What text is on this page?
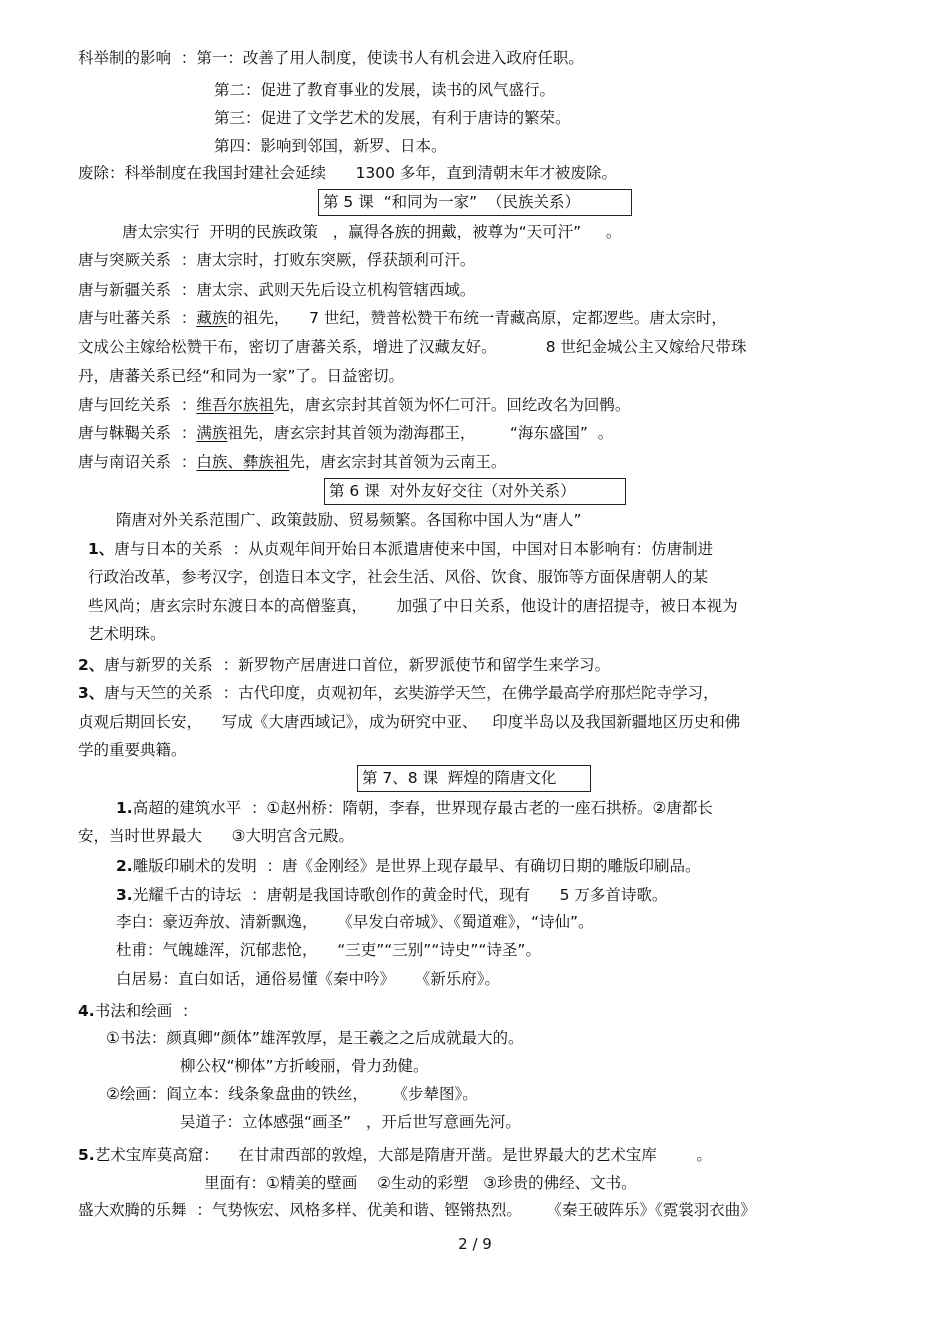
科举制的影响  ：第一：改善了用人制度，使读书人有机会进入政府任职。
第二：促进了教育事业的发展，读书的风气盛行。
第三：促进了文学艺术的发展，有利于唐诗的繁荣。
第四：影响到邻国，新罗、日本。
废除：科举制度在我国封建社会延续      1300 多年，直到清朝末年才被废除。
第 5 课  “和同为一家”  （民族关系）
唐太宗实行  开明的民族政策   ，赢得各族的拥戴，被尊为“天可汗”     。
唐与突厥关系  ：唐太宗时，打败东突厥，俘获颉利可汗。
唐与新疆关系  ：唐太宗、武则天先后设立机构管辖西域。
唐与吐蕃关系  ：藏族的祖先，    7 世纪，赞普松赞干布统一青藏高原，定都逻些。唐太宗时，
文成公主嫁给松赞干布，密切了唐蕃关系，增进了汉藏友好。          8 世纪金城公主又嫁给尺带珠
丹，唐蕃关系已经“和同为一家”了。日益密切。
唐与回纥关系  ：维吾尔族祖先，唐玄宗封其首领为怀仁可汗。回纥改名为回鹘。
唐与靺鞨关系  ：满族祖先，唐玄宗封其首领为渤海郡王，       “海东盛国”  。
唐与南诏关系  ：白族、彝族祖先，唐玄宗封其首领为云南王。
第 6 课  对外友好交往（对外关系）
隋唐对外关系范围广、政策鼓励、贸易频繁。各国称中国人为“唐人”
1、唐与日本的关系  ：从贞观年间开始日本派遣唐使来中国，中国对日本影响有：仿唐制进
行政治改革，参考汉字，创造日本文字，社会生活、风俗、饮食、服饰等方面保唐朝人的某
些风尚；唐玄宗时东渡日本的高僧鉴真，      加强了中日关系，他设计的唐招提寺，被日本视为
艺术明珠。
2、唐与新罗的关系  ：新罗物产居唐进口首位，新罗派使节和留学生来学习。
3、唐与天竺的关系  ：古代印度，贞观初年，玄奘游学天竺，在佛学最高学府那烂陀寺学习，
贞观后期回长安，    写成《大唐西域记》，成为研究中亚、   印度半岛以及我国新疆地区历史和佛
学的重要典籍。
第 7、8 课  辉煌的隋唐文化
1.高超的建筑水平  ：①赵州桥：隋朝，李春，世界现存最古老的一座石拱桥。②唐都长
安，当时世界最大      ③大明宫含元殿。
2.雕版印刷术的发明  ：唐《金刚经》是世界上现存最早、有确切日期的雕版印刷品。
3.光耀千古的诗坛  ：唐朝是我国诗歌创作的黄金时代，现有      5 万多首诗歌。
李白：豪迈奔放、清新飘逸，    《早发白帝城》、《蜀道难》，“诗仙”。
杜甫：气魄雄浑，沉郁悲怆，    “三吏”“三别”“诗史”“诗圣”。
白居易：直白如话，通俗易懂《秦中吟》    《新乐府》。
4.书法和绘画  ：
①书法：颜真卿“颜体”雄浑敦厚，是王羲之之后成就最大的。
柳公权“柳体”方折峻丽，骨力劲健。
②绘画：阎立本：线条象盘曲的铁丝，     《步辇图》。
吴道子：立体感强“画圣”   ，开后世写意画先河。
5.艺术宝库莫高窟：    在甘肃西部的敦煌，大部是隋唐开凿。是世界最大的艺术宝库        。
里面有：①精美的壁画    ②生动的彩塑   ③珍贵的佛经、文书。
盛大欢腾的乐舞  ：气势恢宏、风格多样、优美和谐、铿锵热烈。     《秦王破阵乐》《霓裳羽衣曲》
2 / 9
